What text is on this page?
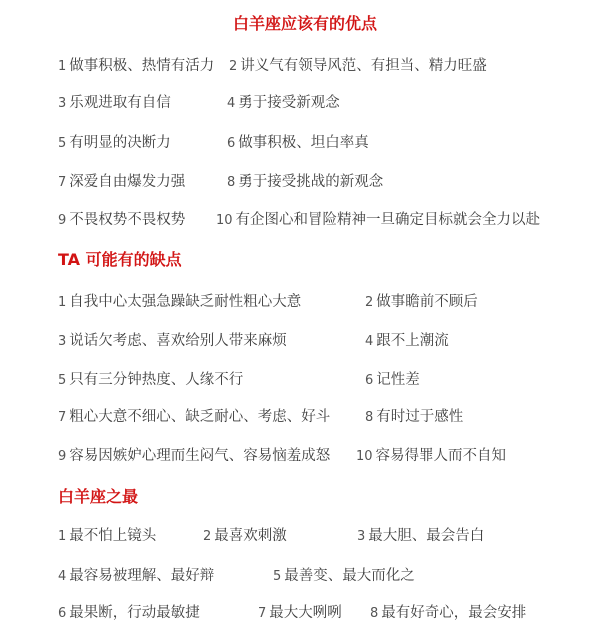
白羊座应该有的优点
1 做事积极、热情有活力 2 讲义气有领导风范、有担当、精力旺盛
3 乐观进取有自信	4 勇于接受新观念
5 有明显的决断力	6 做事积极、坦白率真
7 深爱自由爆发力强	8 勇于接受挑战的新观念
9 不畏权势不畏权势 10 有企图心和冒险精神一旦确定目标就会全力以赴
TA 可能有的缺点
1 自我中心太强急躁缺乏耐性粗心大意	2 做事瞻前不顾后
3 说话欠考虑、喜欢给别人带来麻烦	4 跟不上潮流
5 只有三分钟热度、人缘不行	6 记性差
7 粗心大意不细心、缺乏耐心、考虑、好斗	8 有时过于感性
9 容易因嫉妒心理而生闷气、容易恼羞成怒 10 容易得罪人而不自知
白羊座之最
1 最不怕上镜头	2 最喜欢刺激	3 最大胆、最会告白
4 最容易被理解、最好辩	5 最善变、最大而化之
6 最果断，行动最敏捷	7 最大大咧咧 8 最有好奇心，最会安排
